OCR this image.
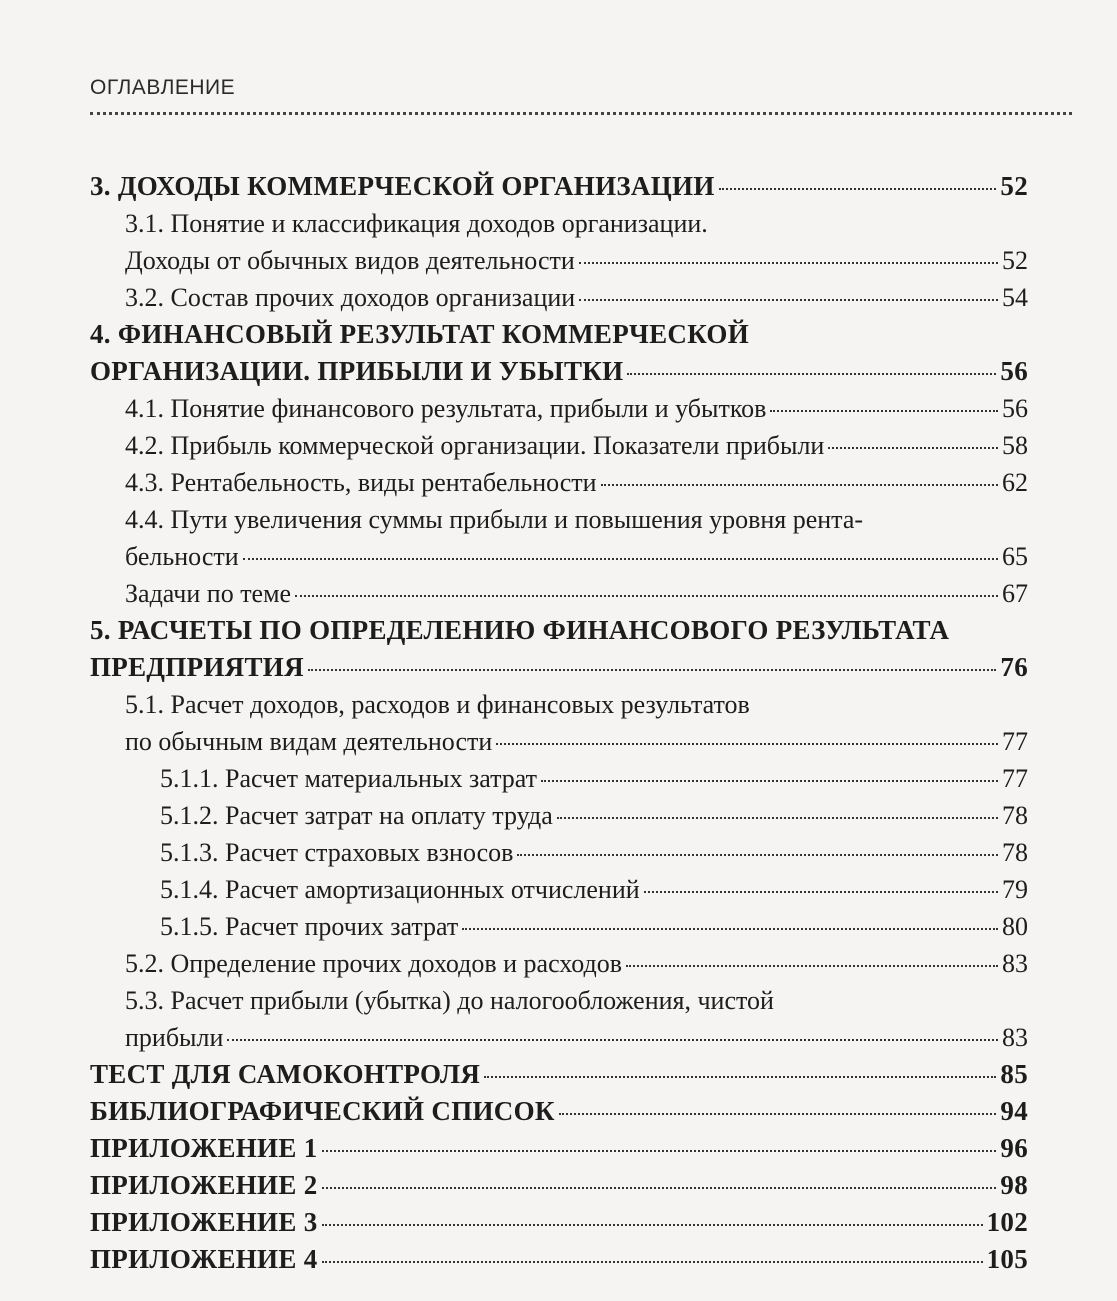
ОГЛАВЛЕНИЕ
3. ДОХОДЫ КОММЕРЧЕСКОЙ ОРГАНИЗАЦИИ	52
3.1. Понятие и классификация доходов организации.
Доходы от обычных видов деятельности	52
3.2. Состав прочих доходов организации	54
4. ФИНАНСОВЫЙ РЕЗУЛЬТАТ КОММЕРЧЕСКОЙ
ОРГАНИЗАЦИИ. ПРИБЫЛИ И УБЫТКИ	56
4.1. Понятие финансового результата, прибыли и убытков	56
4.2. Прибыль коммерческой организации. Показатели прибыли	58
4.3. Рентабельность, виды рентабельности	62
4.4. Пути увеличения суммы прибыли и повышения уровня рента-
бельности	65
Задачи по теме	67
5. РАСЧЕТЫ ПО ОПРЕДЕЛЕНИЮ ФИНАНСОВОГО РЕЗУЛЬТАТА
ПРЕДПРИЯТИЯ	76
5.1. Расчет доходов, расходов и финансовых результатов
по обычным видам деятельности	77
5.1.1. Расчет материальных затрат	77
5.1.2. Расчет затрат на оплату труда	78
5.1.3. Расчет страховых взносов	78
5.1.4. Расчет амортизационных отчислений	79
5.1.5. Расчет прочих затрат	80
5.2. Определение прочих доходов и расходов	83
5.3. Расчет прибыли (убытка) до налогообложения, чистой
прибыли	83
ТЕСТ ДЛЯ САМОКОНТРОЛЯ	85
БИБЛИОГРАФИЧЕСКИЙ СПИСОК	94
ПРИЛОЖЕНИЕ 1	96
ПРИЛОЖЕНИЕ 2	98
ПРИЛОЖЕНИЕ 3	102
ПРИЛОЖЕНИЕ 4	105
